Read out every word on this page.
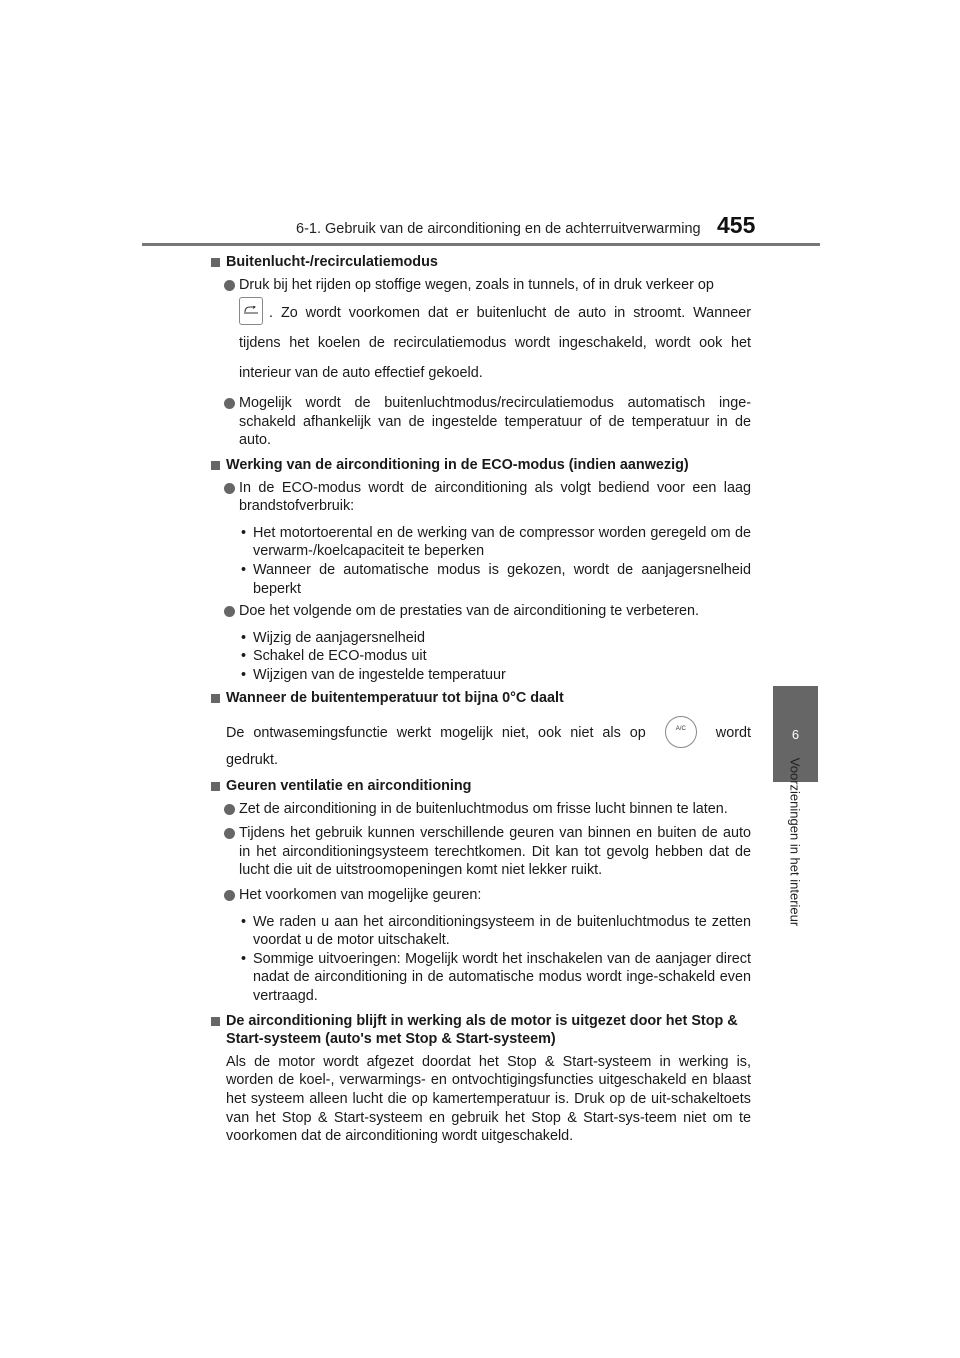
6-1. Gebruik van de airconditioning en de achterruitverwarming 455
6
Voorzieningen in het interieur
Buitenlucht-/recirculatiemodus
Druk bij het rijden op stoffige wegen, zoals in tunnels, of in druk verkeer op
. Zo wordt voorkomen dat er buitenlucht de auto in stroomt. Wanneer tijdens het koelen de recirculatiemodus wordt ingeschakeld, wordt ook het interieur van de auto effectief gekoeld.
Mogelijk wordt de buitenluchtmodus/recirculatiemodus automatisch inge-schakeld afhankelijk van de ingestelde temperatuur of de temperatuur in de auto.
Werking van de airconditioning in de ECO-modus (indien aanwezig)
In de ECO-modus wordt de airconditioning als volgt bediend voor een laag brandstofverbruik:
• Het motortoerental en de werking van de compressor worden geregeld om de verwarm-/koelcapaciteit te beperken
• Wanneer de automatische modus is gekozen, wordt de aanjagersnelheid beperkt
Doe het volgende om de prestaties van de airconditioning te verbeteren.
• Wijzig de aanjagersnelheid
• Schakel de ECO-modus uit
• Wijzigen van de ingestelde temperatuur
Wanneer de buitentemperatuur tot bijna 0°C daalt
De ontwasemingsfunctie werkt mogelijk niet, ook niet als op	A/C	wordt gedrukt.
Geuren ventilatie en airconditioning
Zet de airconditioning in de buitenluchtmodus om frisse lucht binnen te laten.
Tijdens het gebruik kunnen verschillende geuren van binnen en buiten de auto in het airconditioningsysteem terechtkomen. Dit kan tot gevolg hebben dat de lucht die uit de uitstroomopeningen komt niet lekker ruikt.
Het voorkomen van mogelijke geuren:
• We raden u aan het airconditioningsysteem in de buitenluchtmodus te zetten voordat u de motor uitschakelt.
• Sommige uitvoeringen: Mogelijk wordt het inschakelen van de aanjager direct nadat de airconditioning in de automatische modus wordt inge-schakeld even vertraagd.
De airconditioning blijft in werking als de motor is uitgezet door het Stop & Start-systeem (auto's met Stop & Start-systeem)
Als de motor wordt afgezet doordat het Stop & Start-systeem in werking is, worden de koel-, verwarmings- en ontvochtigingsfuncties uitgeschakeld en blaast het systeem alleen lucht die op kamertemperatuur is. Druk op de uit-schakeltoets van het Stop & Start-systeem en gebruik het Stop & Start-sys-teem niet om te voorkomen dat de airconditioning wordt uitgeschakeld.
